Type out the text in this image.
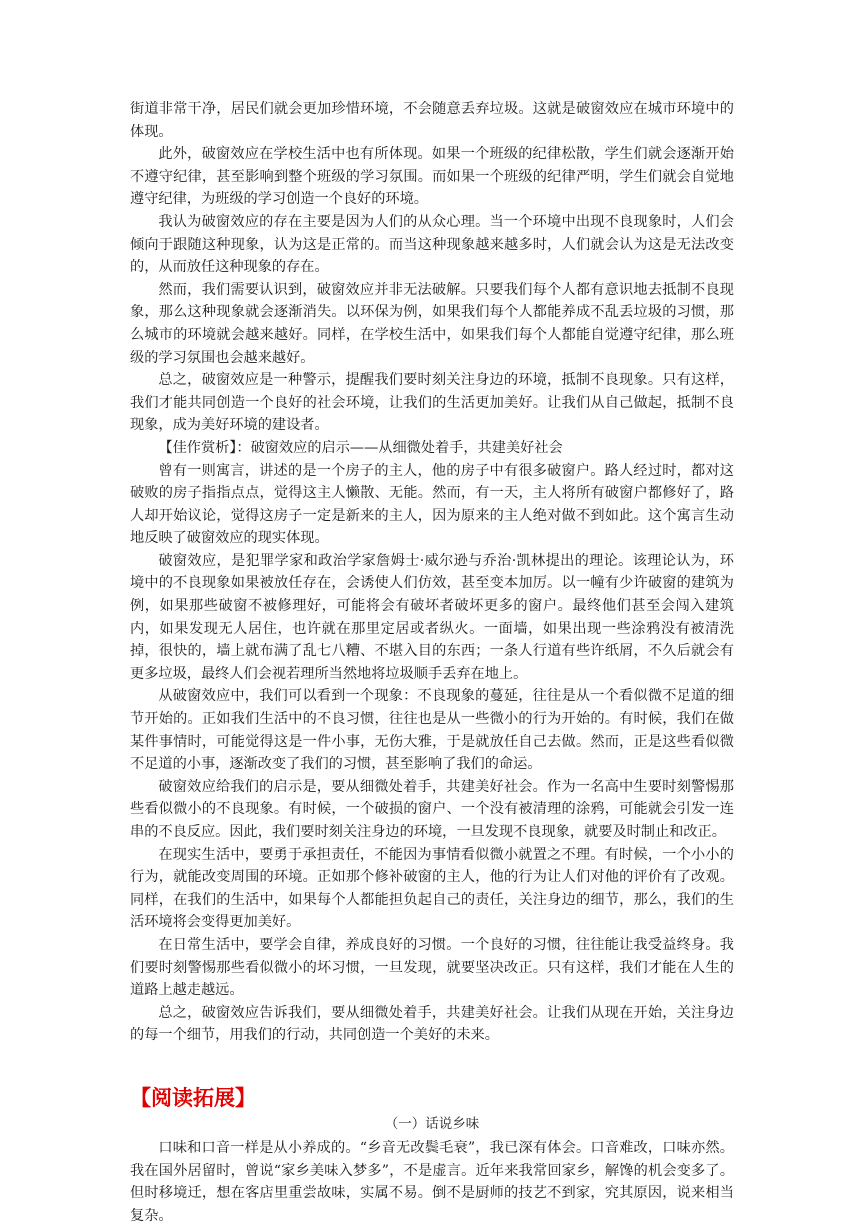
街道非常干净，居民们就会更加珍惜环境，不会随意丢弃垃圾。这就是破窗效应在城市环境中的体现。

此外，破窗效应在学校生活中也有所体现。如果一个班级的纪律松散，学生们就会逐渐开始不遵守纪律，甚至影响到整个班级的学习氛围。而如果一个班级的纪律严明，学生们就会自觉地遵守纪律，为班级的学习创造一个良好的环境。

我认为破窗效应的存在主要是因为人们的从众心理。当一个环境中出现不良现象时，人们会倾向于跟随这种现象，认为这是正常的。而当这种现象越来越多时，人们就会认为这是无法改变的，从而放任这种现象的存在。

然而，我们需要认识到，破窗效应并非无法破解。只要我们每个人都有意识地去抵制不良现象，那么这种现象就会逐渐消失。以环保为例，如果我们每个人都能养成不乱丢垃圾的习惯，那么城市的环境就会越来越好。同样，在学校生活中，如果我们每个人都能自觉遵守纪律，那么班级的学习氛围也会越来越好。

总之，破窗效应是一种警示，提醒我们要时刻关注身边的环境，抵制不良现象。只有这样，我们才能共同创造一个良好的社会环境，让我们的生活更加美好。让我们从自己做起，抵制不良现象，成为美好环境的建设者。

【佳作赏析】：破窗效应的启示——从细微处着手，共建美好社会

曾有一则寓言，讲述的是一个房子的主人，他的房子中有很多破窗户。路人经过时，都对这破败的房子指指点点，觉得这主人懒散、无能。然而，有一天，主人将所有破窗户都修好了，路人却开始议论，觉得这房子一定是新来的主人，因为原来的主人绝对做不到如此。这个寓言生动地反映了破窗效应的现实体现。

破窗效应，是犯罪学家和政治学家詹姆士·威尔逊与乔治·凯林提出的理论。该理论认为，环境中的不良现象如果被放任存在，会诱使人们仿效，甚至变本加厉。以一幢有少许破窗的建筑为例，如果那些破窗不被修理好，可能将会有破坏者破坏更多的窗户。最终他们甚至会闯入建筑内，如果发现无人居住，也许就在那里定居或者纵火。一面墙，如果出现一些涂鸦没有被清洗掉，很快的，墙上就布满了乱七八糟、不堪入目的东西；一条人行道有些许纸屑，不久后就会有更多垃圾，最终人们会视若理所当然地将垃圾顺手丢弃在地上。

从破窗效应中，我们可以看到一个现象：不良现象的蔓延，往往是从一个看似微不足道的细节开始的。正如我们生活中的不良习惯，往往也是从一些微小的行为开始的。有时候，我们在做某件事情时，可能觉得这是一件小事，无伤大雅，于是就放任自己去做。然而，正是这些看似微不足道的小事，逐渐改变了我们的习惯，甚至影响了我们的命运。

破窗效应给我们的启示是，要从细微处着手，共建美好社会。作为一名高中生要时刻警惕那些看似微小的不良现象。有时候，一个破损的窗户、一个没有被清理的涂鸦，可能就会引发一连串的不良反应。因此，我们要时刻关注身边的环境，一旦发现不良现象，就要及时制止和改正。

在现实生活中，要勇于承担责任，不能因为事情看似微小就置之不理。有时候，一个小小的行为，就能改变周围的环境。正如那个修补破窗的主人，他的行为让人们对他的评价有了改观。同样，在我们的生活中，如果每个人都能担负起自己的责任，关注身边的细节，那么，我们的生活环境将会变得更加美好。

在日常生活中，要学会自律，养成良好的习惯。一个良好的习惯，往往能让我受益终身。我们要时刻警惕那些看似微小的坏习惯，一旦发现，就要坚决改正。只有这样，我们才能在人生的道路上越走越远。

总之，破窗效应告诉我们，要从细微处着手，共建美好社会。让我们从现在开始，关注身边的每一个细节，用我们的行动，共同创造一个美好的未来。

【阅读拓展】
（一）话说乡味

口味和口音一样是从小养成的。“乡音无改鬓毛衰”，我已深有体会。口音难改，口味亦然。我在国外居留时，曾说“家乡美味入梦多”，不是虚言。近年来我常回家乡，解馋的机会变多了。但时移境迁，想在客店里重尝故味，实属不易。倒不是厨师的技艺不到家，究其原因，说来相当复杂。
